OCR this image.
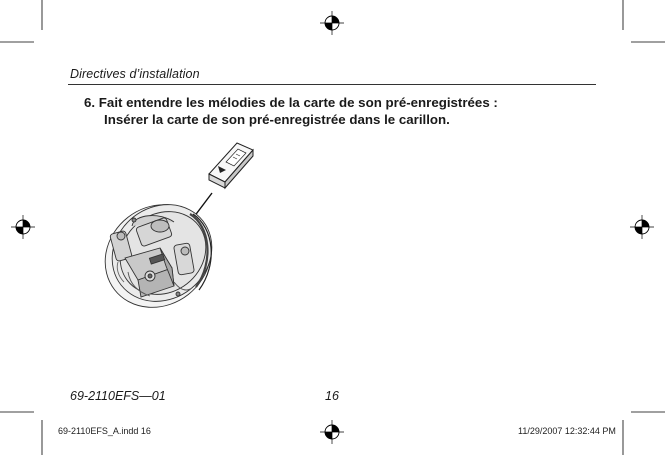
Directives d’installation
6. Fait entendre les mélodies de la carte de son pré-enregistrées :
Insérer la carte de son pré-enregistrée dans le carillon.
69-2110EFS—01	16
69-2110EFS_A.indd 16	11/29/2007 12:32:44 PM
